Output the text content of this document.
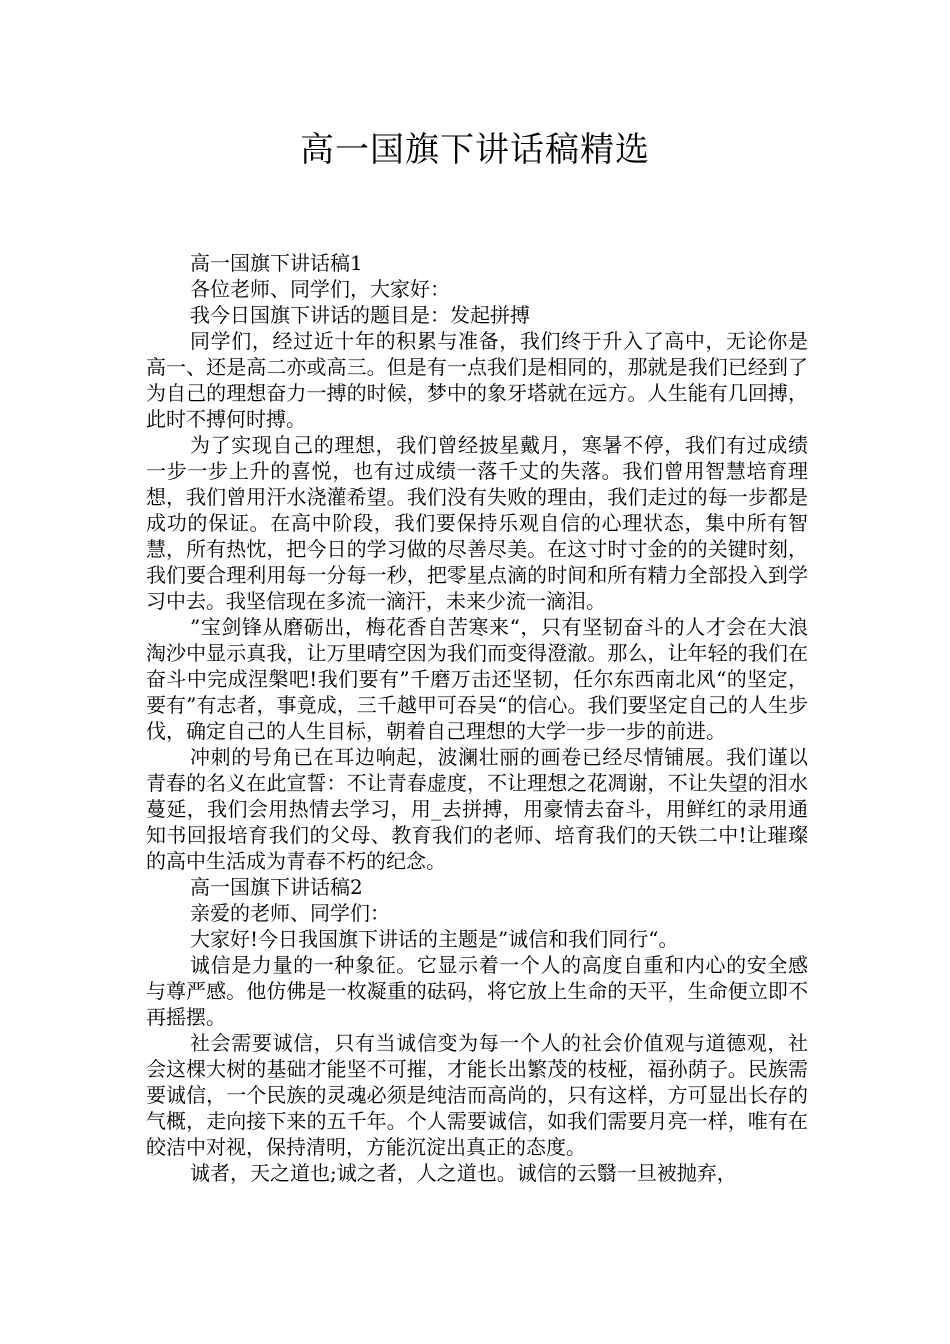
高一国旗下讲话稿精选

高一国旗下讲话稿1

各位老师、同学们，大家好：

我今日国旗下讲话的题目是：发起拼搏

同学们，经过近十年的积累与准备，我们终于升入了高中，无论你是高一、还是高二亦或高三。但是有一点我们是相同的，那就是我们已经到了为自己的理想奋力一搏的时候，梦中的象牙塔就在远方。人生能有几回搏，此时不搏何时搏。

为了实现自己的理想，我们曾经披星戴月，寒暑不停，我们有过成绩一步一步上升的喜悦，也有过成绩一落千丈的失落。我们曾用智慧培育理想，我们曾用汗水浇灌希望。我们没有失败的理由，我们走过的每一步都是成功的保证。在高中阶段，我们要保持乐观自信的心理状态，集中所有智慧，所有热忱，把今日的学习做的尽善尽美。在这寸时寸金的的关键时刻，我们要合理利用每一分每一秒，把零星点滴的时间和所有精力全部投入到学习中去。我坚信现在多流一滴汗，未来少流一滴泪。

”宝剑锋从磨砺出，梅花香自苦寒来“，只有坚韧奋斗的人才会在大浪淘沙中显示真我，让万里晴空因为我们而变得澄澈。那么，让年轻的我们在奋斗中完成涅槃吧!我们要有”千磨万击还坚韧，任尔东西南北风“的坚定，要有”有志者，事竟成，三千越甲可吞吴“的信心。我们要坚定自己的人生步伐，确定自己的人生目标，朝着自己理想的大学一步一步的前进。

冲刺的号角已在耳边响起，波澜壮丽的画卷已经尽情铺展。我们谨以青春的名义在此宣誓：不让青春虚度，不让理想之花凋谢，不让失望的泪水蔓延，我们会用热情去学习，用_去拼搏，用豪情去奋斗，用鲜红的录用通知书回报培育我们的父母、教育我们的老师、培育我们的天铁二中!让璀璨的高中生活成为青春不朽的纪念。

高一国旗下讲话稿2

亲爱的老师、同学们：

大家好!今日我国旗下讲话的主题是”诚信和我们同行“。

诚信是力量的一种象征。它显示着一个人的高度自重和内心的安全感与尊严感。他仿佛是一枚凝重的砝码，将它放上生命的天平，生命便立即不再摇摆。

社会需要诚信，只有当诚信变为每一个人的社会价值观与道德观，社会这棵大树的基础才能坚不可摧，才能长出繁茂的枝桠，福孙荫子。民族需要诚信，一个民族的灵魂必须是纯洁而高尚的，只有这样，方可显出长存的气概，走向接下来的五千年。个人需要诚信，如我们需要月亮一样，唯有在皎洁中对视，保持清明，方能沉淀出真正的态度。

诚者，天之道也;诚之者，人之道也。诚信的云翳一旦被抛弃，
